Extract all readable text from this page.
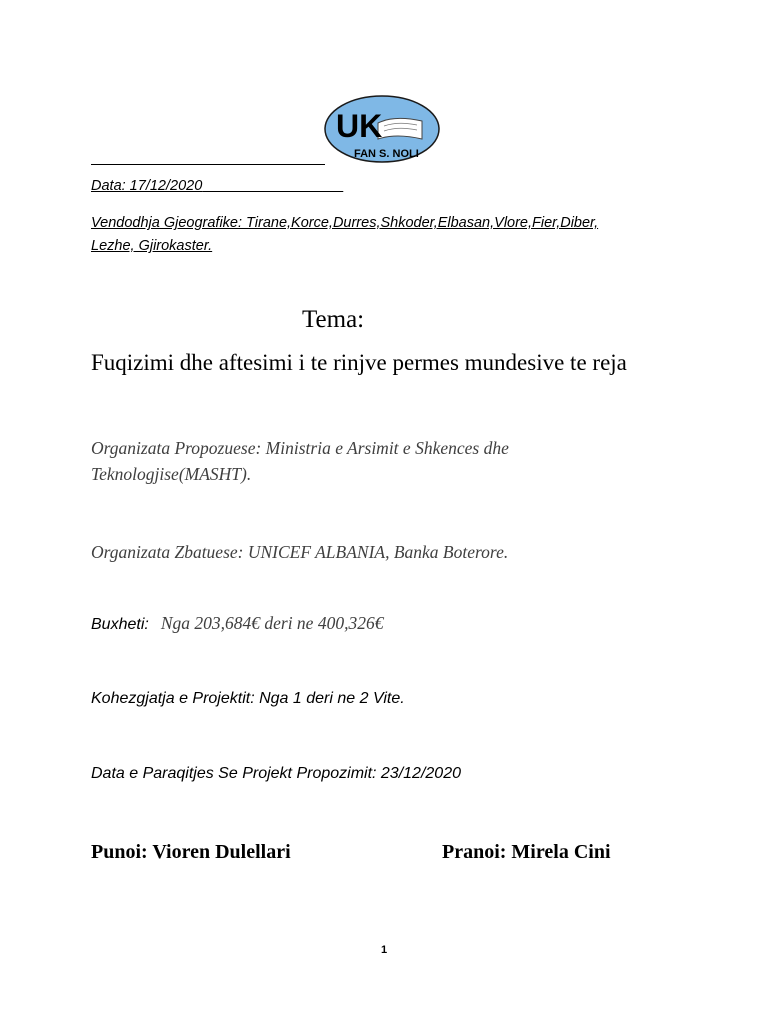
UK
FAN S. NOLI
Data: 17/12/2020
Vendodhja Gjeografike: Tirane,Korce,Durres,Shkoder,Elbasan,Vlore,Fier,Diber,
Lezhe, Gjirokaster.
Tema:
Fuqizimi dhe aftesimi i te rinjve permes mundesive te reja
Organizata Propozuese: Ministria e Arsimit e Shkences dhe
Teknologjise(MASHT).
Organizata Zbatuese: UNICEF ALBANIA, Banka Boterore.
Buxheti: Nga 203,684€ deri ne 400,326€
Kohezgjatja e Projektit: Nga 1 deri ne 2 Vite.
Data e Paraqitjes Se Projekt Propozimit: 23/12/2020
Punoi: Vioren Dulellari	Pranoi: Mirela Cini
1
